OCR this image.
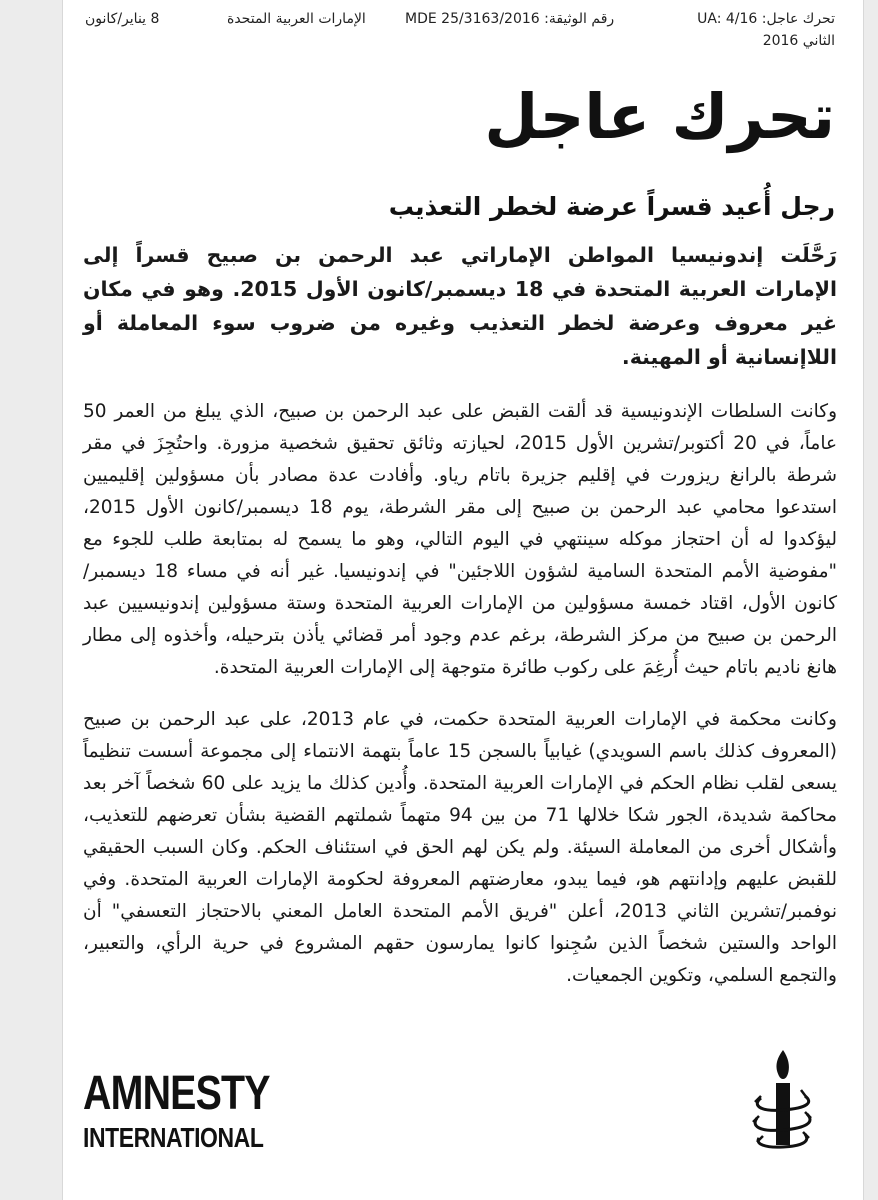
تحرك عاجل: UA: 4/16
الثاني 2016
رقم الوثيقة: MDE 25/3163/2016
الإمارات العربية المتحدة
8 يناير/كانون
تحرك عاجل
رجل أُعيد قسراً عرضة لخطر التعذيب

رَحَّلَت إندونيسيا المواطن الإماراتي عبد الرحمن بن صبيح قسراً إلى الإمارات العربية المتحدة في 18 ديسمبر/كانون الأول 2015. وهو في مكان غير معروف وعرضة لخطر التعذيب وغيره من ضروب سوء المعاملة أو اللاإنسانية أو المهينة.

وكانت السلطات الإندونيسية قد ألقت القبض على عبد الرحمن بن صبيح، الذي يبلغ من العمر 50 عاماً، في 20 أكتوبر/تشرين الأول 2015، لحيازته وثائق تحقيق شخصية مزورة. واحتُجِزَ في مقر شرطة بالرانغ ريزورت في إقليم جزيرة باتام رياو. وأفادت عدة مصادر بأن مسؤولين إقليميين استدعوا محامي عبد الرحمن بن صبيح إلى مقر الشرطة، يوم 18 ديسمبر/كانون الأول 2015، ليؤكدوا له أن احتجاز موكله سينتهي في اليوم التالي، وهو ما يسمح له بمتابعة طلب للجوء مع "مفوضية الأمم المتحدة السامية لشؤون اللاجئين" في إندونيسيا. غير أنه في مساء 18 ديسمبر/كانون الأول، اقتاد خمسة مسؤولين من الإمارات العربية المتحدة وستة مسؤولين إندونيسيين عبد الرحمن بن صبيح من مركز الشرطة، برغم عدم وجود أمر قضائي يأذن بترحيله، وأخذوه إلى مطار هانغ ناديم باتام حيث أُرغِمَ على ركوب طائرة متوجهة إلى الإمارات العربية المتحدة.

وكانت محكمة في الإمارات العربية المتحدة حكمت، في عام 2013، على عبد الرحمن بن صبيح (المعروف كذلك باسم السويدي) غيابياً بالسجن 15 عاماً بتهمة الانتماء إلى مجموعة أسست تنظيماً يسعى لقلب نظام الحكم في الإمارات العربية المتحدة. وأُدين كذلك ما يزيد على 60 شخصاً آخر بعد محاكمة شديدة، الجور شكا خلالها 71 من بين 94 متهماً شملتهم القضية بشأن تعرضهم للتعذيب، وأشكال أخرى من المعاملة السيئة. ولم يكن لهم الحق في استئناف الحكم. وكان السبب الحقيقي للقبض عليهم وإدانتهم هو، فيما يبدو، معارضتهم المعروفة لحكومة الإمارات العربية المتحدة. وفي نوفمبر/تشرين الثاني 2013، أعلن "فريق الأمم المتحدة العامل المعني بالاحتجاز التعسفي" أن الواحد والستين شخصاً الذين سُجِنوا كانوا يمارسون حقهم المشروع في حرية الرأي، والتعبير، والتجمع السلمي، وتكوين الجمعيات.

AMNESTY
INTERNATIONAL
